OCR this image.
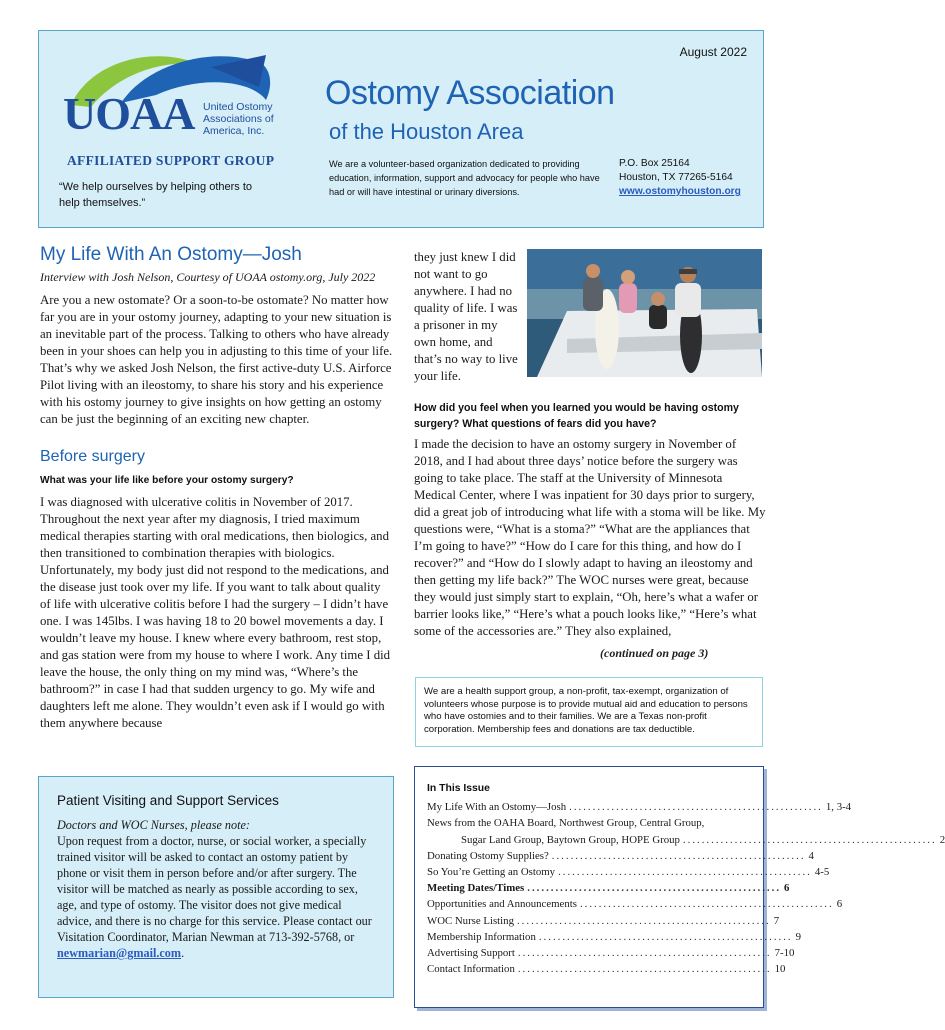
UOAA United Ostomy Associations of America, Inc.
AFFILIATED SUPPORT GROUP
“We help ourselves by helping others to help themselves.”
August 2022
Ostomy Association
of the Houston Area
We are a volunteer-based organization dedicated to providing education, information, support and advocacy for people who have had or will have intestinal or urinary diversions.
P.O. Box 25164
Houston, TX 77265-5164
www.ostomyhouston.org
My Life With An Ostomy—Josh

Interview with Josh Nelson, Courtesy of UOAA ostomy.org, July 2022

Are you a new ostomate? Or a soon-to-be ostomate? No matter how far you are in your ostomy journey, adapting to your new situation is an inevitable part of the process. Talking to others who have already been in your shoes can help you in adjusting to this time of your life. That’s why we asked Josh Nelson, the first active-duty U.S. Airforce Pilot living with an ileostomy, to share his story and his experience with his ostomy journey to give insights on how getting an ostomy can be just the beginning of an exciting new chapter.

Before surgery

What was your life like before your ostomy surgery?

I was diagnosed with ulcerative colitis in November of 2017. Throughout the next year after my diagnosis, I tried maximum medical therapies starting with oral medications, then biologics, and then transitioned to combination therapies with biologics. Unfortunately, my body just did not respond to the medications, and the disease just took over my life. If you want to talk about quality of life with ulcerative colitis before I had the surgery – I didn’t have one. I was 145lbs. I was having 18 to 20 bowel movements a day. I wouldn’t leave my house. I knew where every bathroom, rest stop, and gas station were from my house to where I work. Any time I did leave the house, the only thing on my mind was, “Where’s the bathroom?” in case I had that sudden urgency to go. My wife and daughters left me alone. They wouldn’t even ask if I would go with them anywhere because

they just knew I did not want to go anywhere. I had no quality of life. I was a prisoner in my own home, and that’s no way to live your life.

How did you feel when you learned you would be having ostomy surgery? What questions of fears did you have?

I made the decision to have an ostomy surgery in November of 2018, and I had about three days’ notice before the surgery was going to take place. The staff at the University of Minnesota Medical Center, where I was inpatient for 30 days prior to surgery, did a great job of introducing what life with a stoma will be like. My questions were, “What is a stoma?” “What are the appliances that I’m going to have?” “How do I care for this thing, and how do I recover?” and “How do I slowly adapt to having an ileostomy and then getting my life back?” The WOC nurses were great, because they would just simply start to explain, “Oh, here’s what a wafer or barrier looks like,” “Here’s what a pouch looks like,” “Here’s what some of the accessories are.” They also explained,

(continued on page 3)
We are a health support group, a non-profit, tax-exempt, organization of volunteers whose purpose is to provide mutual aid and education to persons who have ostomies and to their families. We are a Texas non-profit corporation. Membership fees and donations are tax deductible.
Patient Visiting and Support Services

Doctors and WOC Nurses, please note:

Upon request from a doctor, nurse, or social worker, a specially trained visitor will be asked to contact an ostomy patient by phone or visit them in person before and/or after surgery. The visitor will be matched as nearly as possible according to sex, age, and type of ostomy. The visitor does not give medical advice, and there is no charge for this service. Please contact our Visitation Coordinator, Marian Newman at 713-392-5768, or newmarian@gmail.com.

In This Issue
My Life With an Ostomy—Josh ...................................................... 1, 3-4
News from the OAHA Board, Northwest Group, Central Group,
Sugar Land Group, Baytown Group, HOPE Group ...................................................... 2
Donating Ostomy Supplies? ...................................................... 4
So You’re Getting an Ostomy ...................................................... 4-5
Meeting Dates/Times ...................................................... 6
Opportunities and Announcements ...................................................... 6
WOC Nurse Listing ...................................................... 7
Membership Information ...................................................... 9
Advertising Support ...................................................... 7-10
Contact Information ...................................................... 10
